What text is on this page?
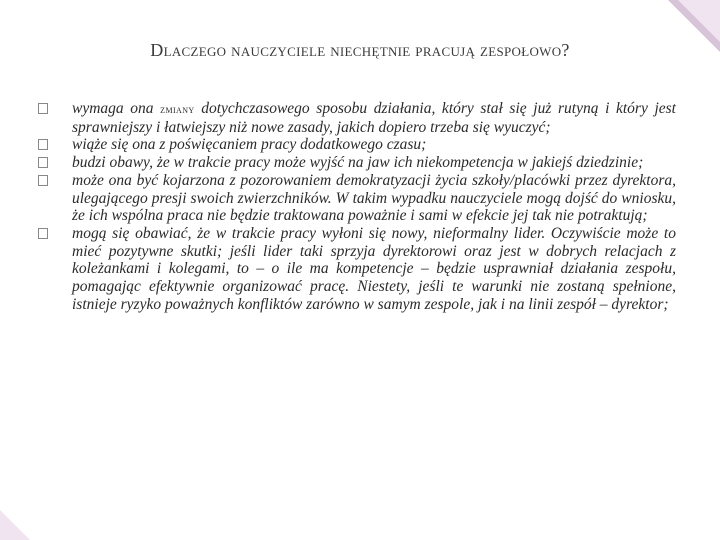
Dlaczego nauczyciele niechętnie pracują zespołowo?
wymaga ona zmiany dotychczasowego sposobu działania, który stał się już rutyną i który jest sprawniejszy i łatwiejszy niż nowe zasady, jakich dopiero trzeba się wyuczyć;
wiąże się ona z poświęcaniem pracy dodatkowego czasu;
budzi obawy, że w trakcie pracy może wyjść na jaw ich niekompetencja w jakiejś dziedzinie;
może ona być kojarzona z pozorowaniem demokratyzacji życia szkoły/placówki przez dyrektora, ulegającego presji swoich zwierzchników. W takim wypadku nauczyciele mogą dojść do wniosku, że ich wspólna praca nie będzie traktowana poważnie i sami w efekcie jej tak nie potraktują;
mogą się obawiać, że w trakcie pracy wyłoni się nowy, nieformalny lider. Oczywiście może to mieć pozytywne skutki; jeśli lider taki sprzyja dyrektorowi oraz jest w dobrych relacjach z koleżankami i kolegami, to – o ile ma kompetencje – będzie usprawniał działania zespołu, pomagając efektywnie organizować pracę. Niestety, jeśli te warunki nie zostaną spełnione, istnieje ryzyko poważnych konfliktów zarówno w samym zespole, jak i na linii zespół – dyrektor;
